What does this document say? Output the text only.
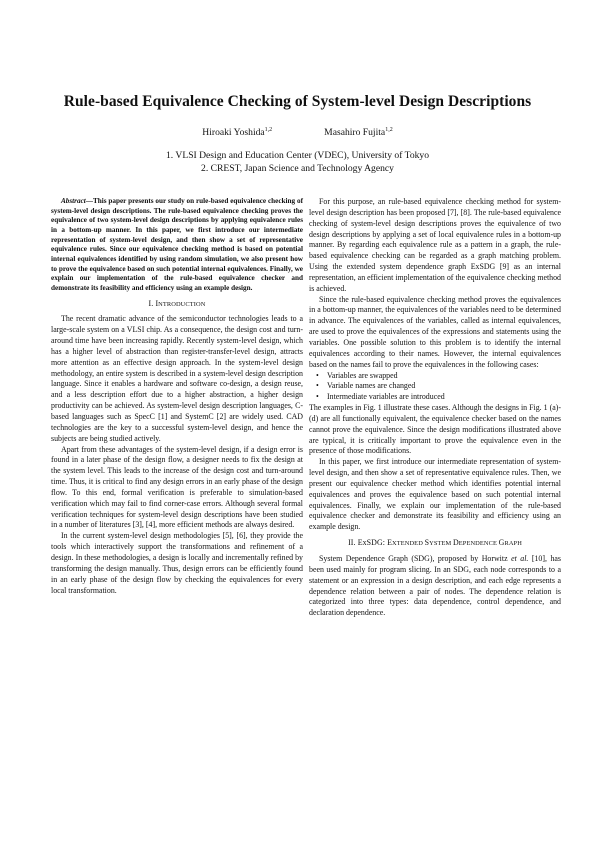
Rule-based Equivalence Checking of System-level Design Descriptions
Hiroaki Yoshida$^{1,2}$	Masahiro Fujita$^{1,2}$
1. VLSI Design and Education Center (VDEC), University of Tokyo
2. CREST, Japan Science and Technology Agency

Abstract—This paper presents our study on rule-based equivalence checking of system-level design descriptions. The rule-based equivalence checking proves the equivalence of two system-level design descriptions by applying equivalence rules in a bottom-up manner. In this paper, we first introduce our intermediate representation of system-level design, and then show a set of representative equivalence rules. Since our equivalence checking method is based on potential internal equivalences identified by using random simulation, we also present how to prove the equivalence based on such potential internal equivalences. Finally, we explain our implementation of the rule-based equivalence checker and demonstrate its feasibility and efficiency using an example design.

I. INTRODUCTION

The recent dramatic advance of the semiconductor technologies leads to a large-scale system on a VLSI chip. As a consequence, the design cost and turn-around time have been increasing rapidly. Recently system-level design, which has a higher level of abstraction than register-transfer-level design, attracts more attention as an effective design approach. In the system-level design methodology, an entire system is described in a system-level design description language. Since it enables a hardware and software co-design, a design reuse, and a less description effort due to a higher abstraction, a higher design productivity can be achieved. As system-level design description languages, C-based languages such as SpecC [1] and SystemC [2] are widely used. CAD technologies are the key to a successful system-level design, and hence the subjects are being studied actively.

Apart from these advantages of the system-level design, if a design error is found in a later phase of the design flow, a designer needs to fix the design at the system level. This leads to the increase of the design cost and turn-around time. Thus, it is critical to find any design errors in an early phase of the design flow. To this end, formal verification is preferable to simulation-based verification which may fail to find corner-case errors. Although several formal verification techniques for system-level design descriptions have been studied in a number of literatures [3], [4], more efficient methods are always desired.

In the current system-level design methodologies [5], [6], they provide the tools which interactively support the transformations and refinement of a design. In these methodologies, a design is locally and incrementally refined by transforming the design manually. Thus, design errors can be efficiently found in an early phase of the design flow by checking the equivalences for every local transformation.

For this purpose, an rule-based equivalence checking method for system-level design description has been proposed [7], [8]. The rule-based equivalence checking of system-level design descriptions proves the equivalence of two design descriptions by applying a set of local equivalence rules in a bottom-up manner. By regarding each equivalence rule as a pattern in a graph, the rule-based equivalence checking can be regarded as a graph matching problem. Using the extended system dependence graph ExSDG [9] as an internal representation, an efficient implementation of the equivalence checking method is achieved.

Since the rule-based equivalence checking method proves the equivalences in a bottom-up manner, the equivalences of the variables need to be determined in advance. The equivalences of the variables, called as internal equivalences, are used to prove the equivalences of the expressions and statements using the variables. One possible solution to this problem is to identify the internal equivalences according to their names. However, the internal equivalences based on the names fail to prove the equivalences in the following cases:

• Variables are swapped
• Variable names are changed
• Intermediate variables are introduced

The examples in Fig. 1 illustrate these cases. Although the designs in Fig. 1 (a)-(d) are all functionally equivalent, the equivalence checker based on the names cannot prove the equivalence. Since the design modifications illustrated above are typical, it is critically important to prove the equivalence even in the presence of those modifications.

In this paper, we first introduce our intermediate representation of system-level design, and then show a set of representative equivalence rules. Then, we present our equivalence checker method which identifies potential internal equivalences and proves the equivalence based on such potential internal equivalences. Finally, we explain our implementation of the rule-based equivalence checker and demonstrate its feasibility and efficiency using an example design.

II. ExSDG: EXTENDED SYSTEM DEPENDENCE GRAPH

System Dependence Graph (SDG), proposed by Horwitz et al. [10], has been used mainly for program slicing. In an SDG, each node corresponds to a statement or an expression in a design description, and each edge represents a dependence relation between a pair of nodes. The dependence relation is categorized into three types: data dependence, control dependence, and declaration dependence.
